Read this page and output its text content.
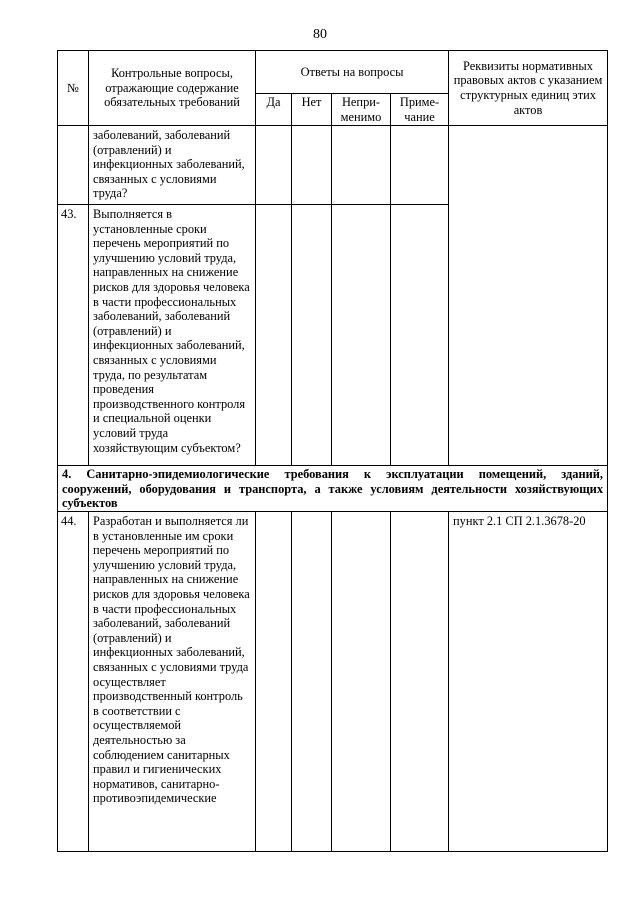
80
№	Контрольные вопросы, отражающие содержание обязательных требований	Ответы на вопросы				Реквизиты нормативных правовых актов с указанием структурных единиц этих актов
		Да	Нет	Непри-менимо	Приме-чание	
	заболеваний, заболеваний (отравлений) и инфекционных заболеваний, связанных с условиями труда?					
43.	Выполняется в установленные сроки перечень мероприятий по улучшению условий труда, направленных на снижение рисков для здоровья человека в части профессиональных заболеваний, заболеваний (отравлений) и инфекционных заболеваний, связанных с условиями труда, по результатам проведения производственного контроля и специальной оценки условий труда хозяйствующим субъектом?					
4. Санитарно-эпидемиологические требования к эксплуатации помещений, зданий, сооружений, оборудования и транспорта, а также условиям деятельности хозяйствующих субъектов						
44.	Разработан и выполняется ли в установленные им сроки перечень мероприятий по улучшению условий труда, направленных на снижение рисков для здоровья человека в части профессиональных заболеваний, заболеваний (отравлений) и инфекционных заболеваний, связанных с условиями труда осуществляет производственный контроль в соответствии с осуществляемой деятельностью за соблюдением санитарных правил и гигиенических нормативов, санитарно-противоэпидемические					пункт 2.1 СП 2.1.3678-20
